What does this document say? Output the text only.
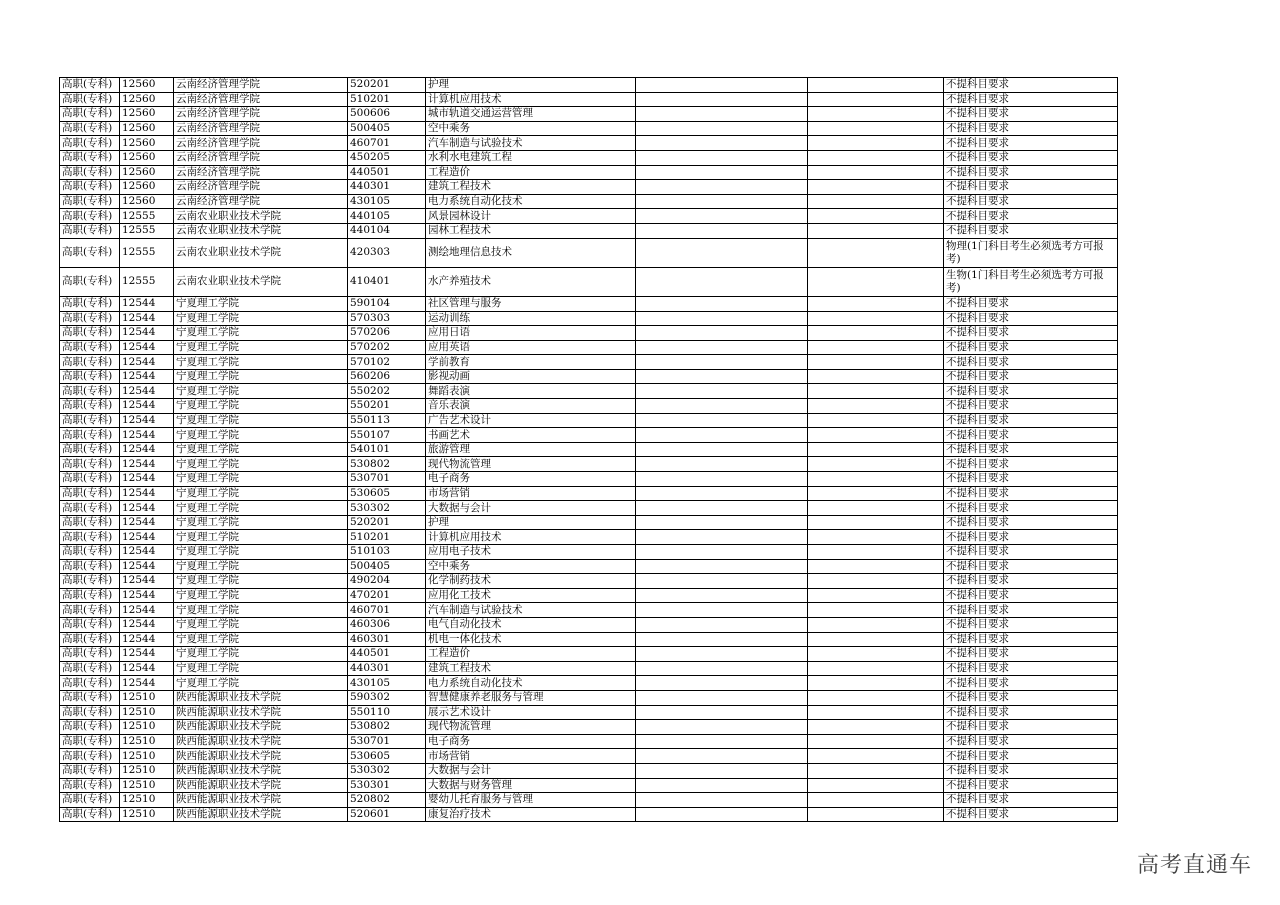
高职(专科)	12560	云南经济管理学院	520201	护理			不提科目要求
高职(专科)	12560	云南经济管理学院	510201	计算机应用技术			不提科目要求
高职(专科)	12560	云南经济管理学院	500606	城市轨道交通运营管理			不提科目要求
高职(专科)	12560	云南经济管理学院	500405	空中乘务			不提科目要求
高职(专科)	12560	云南经济管理学院	460701	汽车制造与试验技术			不提科目要求
高职(专科)	12560	云南经济管理学院	450205	水利水电建筑工程			不提科目要求
高职(专科)	12560	云南经济管理学院	440501	工程造价			不提科目要求
高职(专科)	12560	云南经济管理学院	440301	建筑工程技术			不提科目要求
高职(专科)	12560	云南经济管理学院	430105	电力系统自动化技术			不提科目要求
高职(专科)	12555	云南农业职业技术学院	440105	风景园林设计			不提科目要求
高职(专科)	12555	云南农业职业技术学院	440104	园林工程技术			不提科目要求
高职(专科)	12555	云南农业职业技术学院	420303	测绘地理信息技术			物理(1门科目考生必须选考方可报考)
高职(专科)	12555	云南农业职业技术学院	410401	水产养殖技术			生物(1门科目考生必须选考方可报考)
高职(专科)	12544	宁夏理工学院	590104	社区管理与服务			不提科目要求
高职(专科)	12544	宁夏理工学院	570303	运动训练			不提科目要求
高职(专科)	12544	宁夏理工学院	570206	应用日语			不提科目要求
高职(专科)	12544	宁夏理工学院	570202	应用英语			不提科目要求
高职(专科)	12544	宁夏理工学院	570102	学前教育			不提科目要求
高职(专科)	12544	宁夏理工学院	560206	影视动画			不提科目要求
高职(专科)	12544	宁夏理工学院	550202	舞蹈表演			不提科目要求
高职(专科)	12544	宁夏理工学院	550201	音乐表演			不提科目要求
高职(专科)	12544	宁夏理工学院	550113	广告艺术设计			不提科目要求
高职(专科)	12544	宁夏理工学院	550107	书画艺术			不提科目要求
高职(专科)	12544	宁夏理工学院	540101	旅游管理			不提科目要求
高职(专科)	12544	宁夏理工学院	530802	现代物流管理			不提科目要求
高职(专科)	12544	宁夏理工学院	530701	电子商务			不提科目要求
高职(专科)	12544	宁夏理工学院	530605	市场营销			不提科目要求
高职(专科)	12544	宁夏理工学院	530302	大数据与会计			不提科目要求
高职(专科)	12544	宁夏理工学院	520201	护理			不提科目要求
高职(专科)	12544	宁夏理工学院	510201	计算机应用技术			不提科目要求
高职(专科)	12544	宁夏理工学院	510103	应用电子技术			不提科目要求
高职(专科)	12544	宁夏理工学院	500405	空中乘务			不提科目要求
高职(专科)	12544	宁夏理工学院	490204	化学制药技术			不提科目要求
高职(专科)	12544	宁夏理工学院	470201	应用化工技术			不提科目要求
高职(专科)	12544	宁夏理工学院	460701	汽车制造与试验技术			不提科目要求
高职(专科)	12544	宁夏理工学院	460306	电气自动化技术			不提科目要求
高职(专科)	12544	宁夏理工学院	460301	机电一体化技术			不提科目要求
高职(专科)	12544	宁夏理工学院	440501	工程造价			不提科目要求
高职(专科)	12544	宁夏理工学院	440301	建筑工程技术			不提科目要求
高职(专科)	12544	宁夏理工学院	430105	电力系统自动化技术			不提科目要求
高职(专科)	12510	陕西能源职业技术学院	590302	智慧健康养老服务与管理			不提科目要求
高职(专科)	12510	陕西能源职业技术学院	550110	展示艺术设计			不提科目要求
高职(专科)	12510	陕西能源职业技术学院	530802	现代物流管理			不提科目要求
高职(专科)	12510	陕西能源职业技术学院	530701	电子商务			不提科目要求
高职(专科)	12510	陕西能源职业技术学院	530605	市场营销			不提科目要求
高职(专科)	12510	陕西能源职业技术学院	530302	大数据与会计			不提科目要求
高职(专科)	12510	陕西能源职业技术学院	530301	大数据与财务管理			不提科目要求
高职(专科)	12510	陕西能源职业技术学院	520802	婴幼儿托育服务与管理			不提科目要求
高职(专科)	12510	陕西能源职业技术学院	520601	康复治疗技术			不提科目要求
高考直通车
